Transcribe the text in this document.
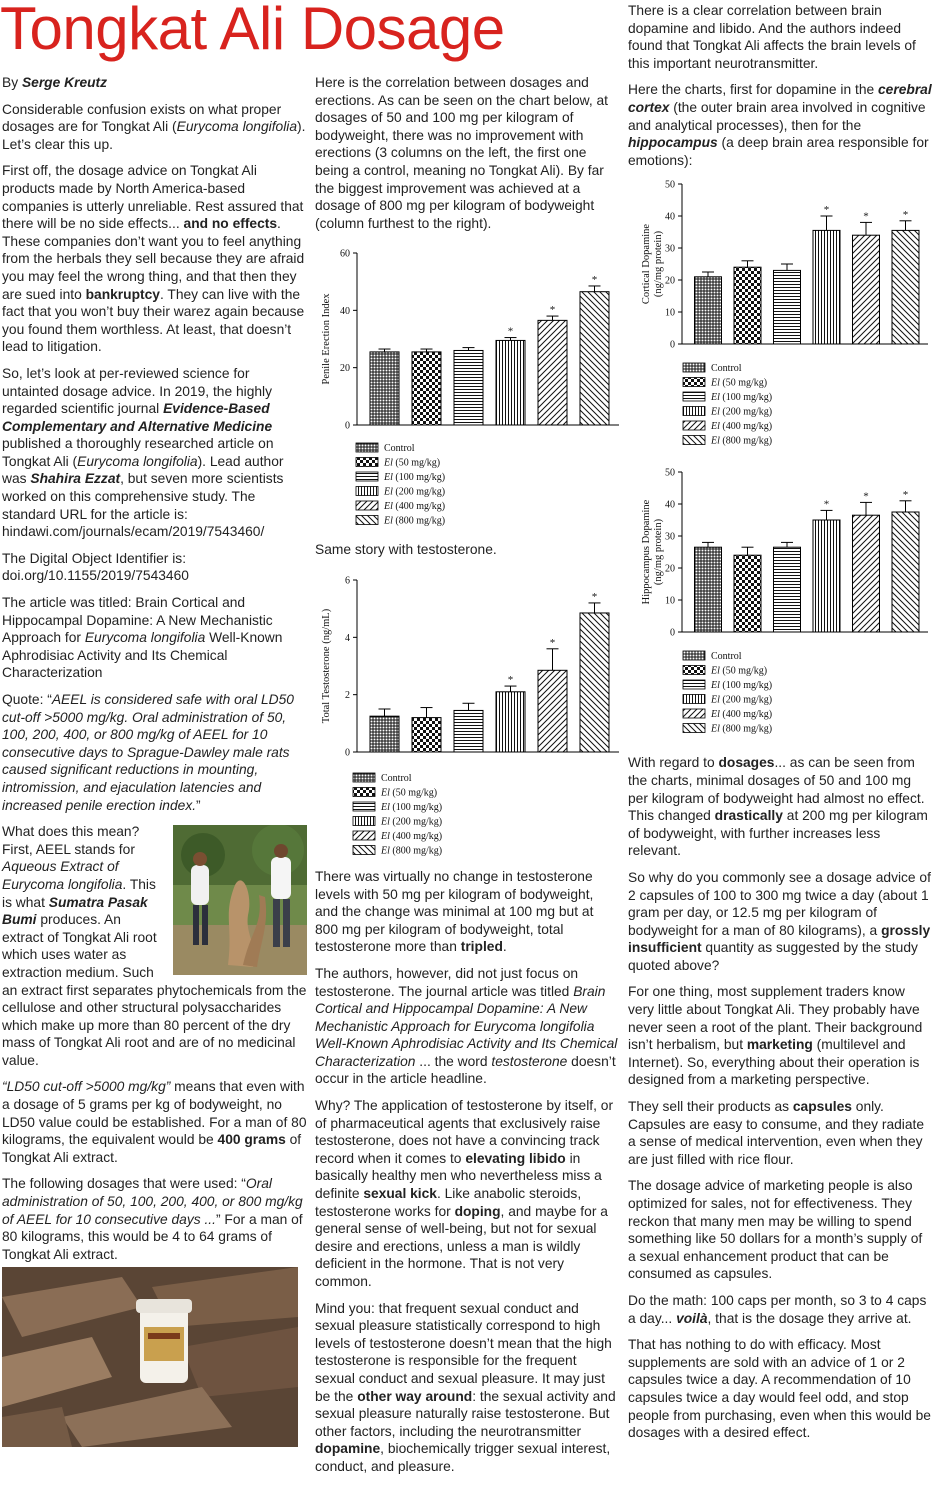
Tongkat Ali Dosage

By Serge Kreutz

Considerable confusion exists on what proper dosages are for Tongkat Ali (Eurycoma longifolia). Let’s clear this up.

First off, the dosage advice on Tongkat Ali products made by North America-based companies is utterly unreliable. Rest assured that there will be no side effects... and no effects. These companies don’t want you to feel anything from the herbals they sell because they are afraid you may feel the wrong thing, and that then they are sued into bankruptcy. They can live with the fact that you won’t buy their warez again because you found them worthless. At least, that doesn’t lead to litigation.

So, let’s look at per-reviewed science for untainted dosage advice. In 2019, the highly regarded scientific journal Evidence-Based Complementary and Alternative Medicine published a thoroughly researched article on Tongkat Ali (Eurycoma longifolia). Lead author was Shahira Ezzat, but seven more scientists worked on this comprehensive study. The standard URL for the article is: hindawi.com/journals/ecam/2019/7543460/

The Digital Object Identifier is: doi.org/10.1155/2019/7543460

The article was titled: Brain Cortical and Hippocampal Dopamine: A New Mechanistic Approach for Eurycoma longifolia Well-Known Aphrodisiac Activity and Its Chemical Characterization

Quote: “AEEL is considered safe with oral LD50 cut-off >5000 mg/kg. Oral administration of 50, 100, 200, 400, or 800 mg/kg of AEEL for 10 consecutive days to Sprague-Dawley male rats caused significant reductions in mounting, intromission, and ejaculation latencies and increased penile erection index.”

What does this mean? First, AEEL stands for Aqueous Extract of Eurycoma longifolia. This is what Sumatra Pasak Bumi produces. An extract of Tongkat Ali root which uses water as extraction medium. Such an extract first separates phytochemicals from the cellulose and other structural polysaccharides which make up more than 80 percent of the dry mass of Tongkat Ali root and are of no medicinal value.

“LD50 cut-off >5000 mg/kg” means that even with a dosage of 5 grams per kg of bodyweight, no LD50 value could be established. For a man of 80 kilograms, the equivalent would be 400 grams of Tongkat Ali extract.

The following dosages that were used: “Oral administration of 50, 100, 200, 400, or 800 mg/kg of AEEL for 10 consecutive days ...” For a man of 80 kilograms, this would be 4 to 64 grams of Tongkat Ali extract.

Here is the correlation between dosages and erections. As can be seen on the chart below, at dosages of 50 and 100 mg per kilogram of bodyweight, there was no improvement with erections (3 columns on the left, the first one being a control, meaning no Tongkat Ali). By far the biggest improvement was achieved at a dosage of 800 mg per kilogram of bodyweight (column furthest to the right).

0
20
40
60
Penile Erection Index	*
*
*
Control
El (50 mg/kg)
El (100 mg/kg)
El (200 mg/kg)
El (400 mg/kg)
El (800 mg/kg)

Same story with testosterone.

0
2
4
6
Total Testosterone (ng/mL)	*
*
*
Control
El (50 mg/kg)
El (100 mg/kg)
El (200 mg/kg)
El (400 mg/kg)
El (800 mg/kg)

There was virtually no change in testosterone levels with 50 mg per kilogram of bodyweight, and the change was minimal at 100 mg but at 800 mg per kilogram of bodyweight, total testosterone more than tripled.

The authors, however, did not just focus on testosterone. The journal article was titled Brain Cortical and Hippocampal Dopamine: A New Mechanistic Approach for Eurycoma longifolia Well-Known Aphrodisiac Activity and Its Chemical Characterization ... the word testosterone doesn’t occur in the article headline.

Why? The application of testosterone by itself, or of pharmaceutical agents that exclusively raise testosterone, does not have a convincing track record when it comes to elevating libido in basically healthy men who nevertheless miss a definite sexual kick. Like anabolic steroids, testosterone works for doping, and maybe for a general sense of well-being, but not for sexual desire and erections, unless a man is wildly deficient in the hormone. That is not very common.

Mind you: that frequent sexual conduct and sexual pleasure statistically correspond to high levels of testosterone doesn’t mean that the high testosterone is responsible for the frequent sexual conduct and sexual pleasure. It may just be the other way around: the sexual activity and sexual pleasure naturally raise testosterone. But other factors, including the neurotransmitter dopamine, biochemically trigger sexual interest, conduct, and pleasure.

There is a clear correlation between brain dopamine and libido. And the authors indeed found that Tongkat Ali affects the brain levels of this important neurotransmitter.

Here the charts, first for dopamine in the cerebral cortex (the outer brain area involved in cognitive and analytical processes), then for the hippocampus (a deep brain area responsible for emotions):

0
10
20
30
40
50
Cortical Dopamine(ng/mg protein)
*
*	*
Control
El (50 mg/kg)
El (100 mg/kg)
El (200 mg/kg)
El (400 mg/kg)
El (800 mg/kg)
0
10
20
30
40
50
Hippocampus Dopamine(ng/mg protein)
*
*	*
Control
El (50 mg/kg)
El (100 mg/kg)
El (200 mg/kg)
El (400 mg/kg)
El (800 mg/kg)

With regard to dosages... as can be seen from the charts, minimal dosages of 50 and 100 mg per kilogram of bodyweight had almost no effect. This changed drastically at 200 mg per kilogram of bodyweight, with further increases less relevant.

So why do you commonly see a dosage advice of 2 capsules of 100 to 300 mg twice a day (about 1 gram per day, or 12.5 mg per kilogram of bodyweight for a man of 80 kilograms), a grossly insufficient quantity as suggested by the study quoted above?

For one thing, most supplement traders know very little about Tongkat Ali. They probably have never seen a root of the plant. Their background isn’t herbalism, but marketing (multilevel and Internet). So, everything about their operation is designed from a marketing perspective.

They sell their products as capsules only. Capsules are easy to consume, and they radiate a sense of medical intervention, even when they are just filled with rice flour.

The dosage advice of marketing people is also optimized for sales, not for effectiveness. They reckon that many men may be willing to spend something like 50 dollars for a month’s supply of a sexual enhancement product that can be consumed as capsules.

Do the math: 100 caps per month, so 3 to 4 caps a day... voilà, that is the dosage they arrive at.

That has nothing to do with efficacy. Most supplements are sold with an advice of 1 or 2 capsules twice a day. A recommendation of 10 capsules twice a day would feel odd, and stop people from purchasing, even when this would be dosages with a desired effect.
